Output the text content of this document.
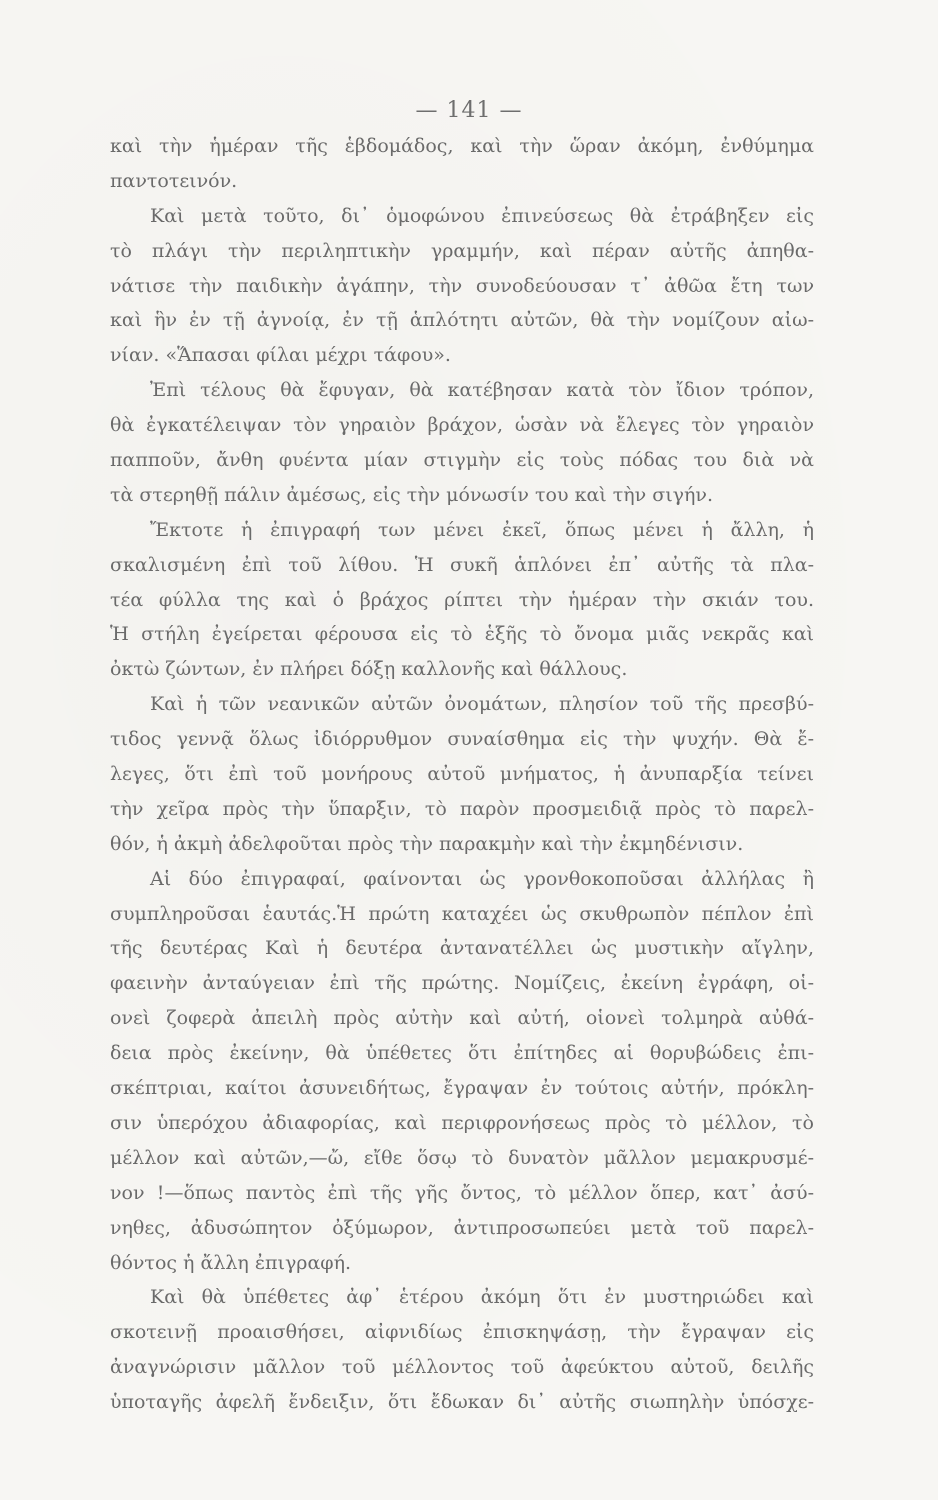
— 141 —
καὶ τὴν ἡμέραν τῆς ἑβδομάδος, καὶ τὴν ὥραν ἀκόμη, ἐνθύμημα
παντοτεινόν.
Καὶ μετὰ τοῦτο, δι᾽ ὁμοφώνου ἐπινεύσεως θὰ ἐτράβηξεν εἰς
τὸ πλάγι τὴν περιληπτικὴν γραμμήν, καὶ πέραν αὐτῆς ἀπηθα-
νάτισε τὴν παιδικὴν ἀγάπην, τὴν συνοδεύουσαν τ᾽ ἀθῶα ἔτη των
καὶ ἣν ἐν τῇ ἀγνοίᾳ, ἐν τῇ ἁπλότητι αὐτῶν, θὰ τὴν νομίζουν αἰω-
νίαν. «Ἅπασαι φίλαι μέχρι τάφου».
Ἐπὶ τέλους θὰ ἔφυγαν, θὰ κατέβησαν κατὰ τὸν ἴδιον τρόπον,
θὰ ἐγκατέλειψαν τὸν γηραιὸν βράχον, ὡσὰν νὰ ἔλεγες τὸν γηραιὸν
παπποῦν, ἄνθη φυέντα μίαν στιγμὴν εἰς τοὺς πόδας του διὰ νὰ
τὰ στερηθῇ πάλιν ἀμέσως, εἰς τὴν μόνωσίν του καὶ τὴν σιγήν.
Ἔκτοτε ἡ ἐπιγραφή των μένει ἐκεῖ, ὅπως μένει ἡ ἄλλη, ἡ
σκαλισμένη ἐπὶ τοῦ λίθου. Ἡ συκῆ ἁπλόνει ἐπ᾽ αὐτῆς τὰ πλα-
τέα φύλλα της καὶ ὁ βράχος ρίπτει τὴν ἡμέραν τὴν σκιάν του.
Ἡ στήλη ἐγείρεται φέρουσα εἰς τὸ ἑξῆς τὸ ὄνομα μιᾶς νεκρᾶς καὶ
ὀκτὼ ζώντων, ἐν πλήρει δόξῃ καλλονῆς καὶ θάλλους.
Καὶ ἡ τῶν νεανικῶν αὐτῶν ὀνομάτων, πλησίον τοῦ τῆς πρεσβύ-
τιδος γεννᾷ ὅλως ἰδιόρρυθμον συναίσθημα εἰς τὴν ψυχήν. Θὰ ἔ-
λεγες, ὅτι ἐπὶ τοῦ μονήρους αὐτοῦ μνήματος, ἡ ἀνυπαρξία τείνει
τὴν χεῖρα πρὸς τὴν ὕπαρξιν, τὸ παρὸν προσμειδιᾷ πρὸς τὸ παρελ-
θόν, ἡ ἀκμὴ ἀδελφοῦται πρὸς τὴν παρακμὴν καὶ τὴν ἐκμηδένισιν.
Αἱ δύο ἐπιγραφαί, φαίνονται ὡς γρονθοκοποῦσαι ἀλλήλας ἢ
συμπληροῦσαι ἑαυτάς.Ἡ πρώτη καταχέει ὡς σκυθρωπὸν πέπλον ἐπὶ
τῆς δευτέρας Καὶ ἡ δευτέρα ἀντανατέλλει ὡς μυστικὴν αἴγλην,
φαεινὴν ἀνταύγειαν ἐπὶ τῆς πρώτης. Νομίζεις, ἐκείνη ἐγράφη, οἱ-
ονεὶ ζοφερὰ ἀπειλὴ πρὸς αὐτὴν καὶ αὐτή, οἱονεὶ τολμηρὰ αὐθά-
δεια πρὸς ἐκείνην, θὰ ὑπέθετες ὅτι ἐπίτηδες αἱ θορυβώδεις ἐπι-
σκέπτριαι, καίτοι ἀσυνειδήτως, ἔγραψαν ἐν τούτοις αὐτήν, πρόκλη-
σιν ὑπερόχου ἀδιαφορίας, καὶ περιφρονήσεως πρὸς τὸ μέλλον, τὸ
μέλλον καὶ αὐτῶν,—ὤ, εἴθε ὅσῳ τὸ δυνατὸν μᾶλλον μεμακρυσμέ-
νον !—ὅπως παντὸς ἐπὶ τῆς γῆς ὄντος, τὸ μέλλον ὅπερ, κατ᾽ ἀσύ-
νηθες, ἀδυσώπητον ὀξύμωρον, ἀντιπροσωπεύει μετὰ τοῦ παρελ-
θόντος ἡ ἄλλη ἐπιγραφή.
Καὶ θὰ ὑπέθετες ἀφ᾽ ἑτέρου ἀκόμη ὅτι ἐν μυστηριώδει καὶ
σκοτεινῇ προαισθήσει, αἰφνιδίως ἐπισκηψάσῃ, τὴν ἔγραψαν εἰς
ἀναγνώρισιν μᾶλλον τοῦ μέλλοντος τοῦ ἀφεύκτου αὐτοῦ, δειλῆς
ὑποταγῆς ἀφελῆ ἔνδειξιν, ὅτι ἔδωκαν δι᾽ αὐτῆς σιωπηλὴν ὑπόσχε-
